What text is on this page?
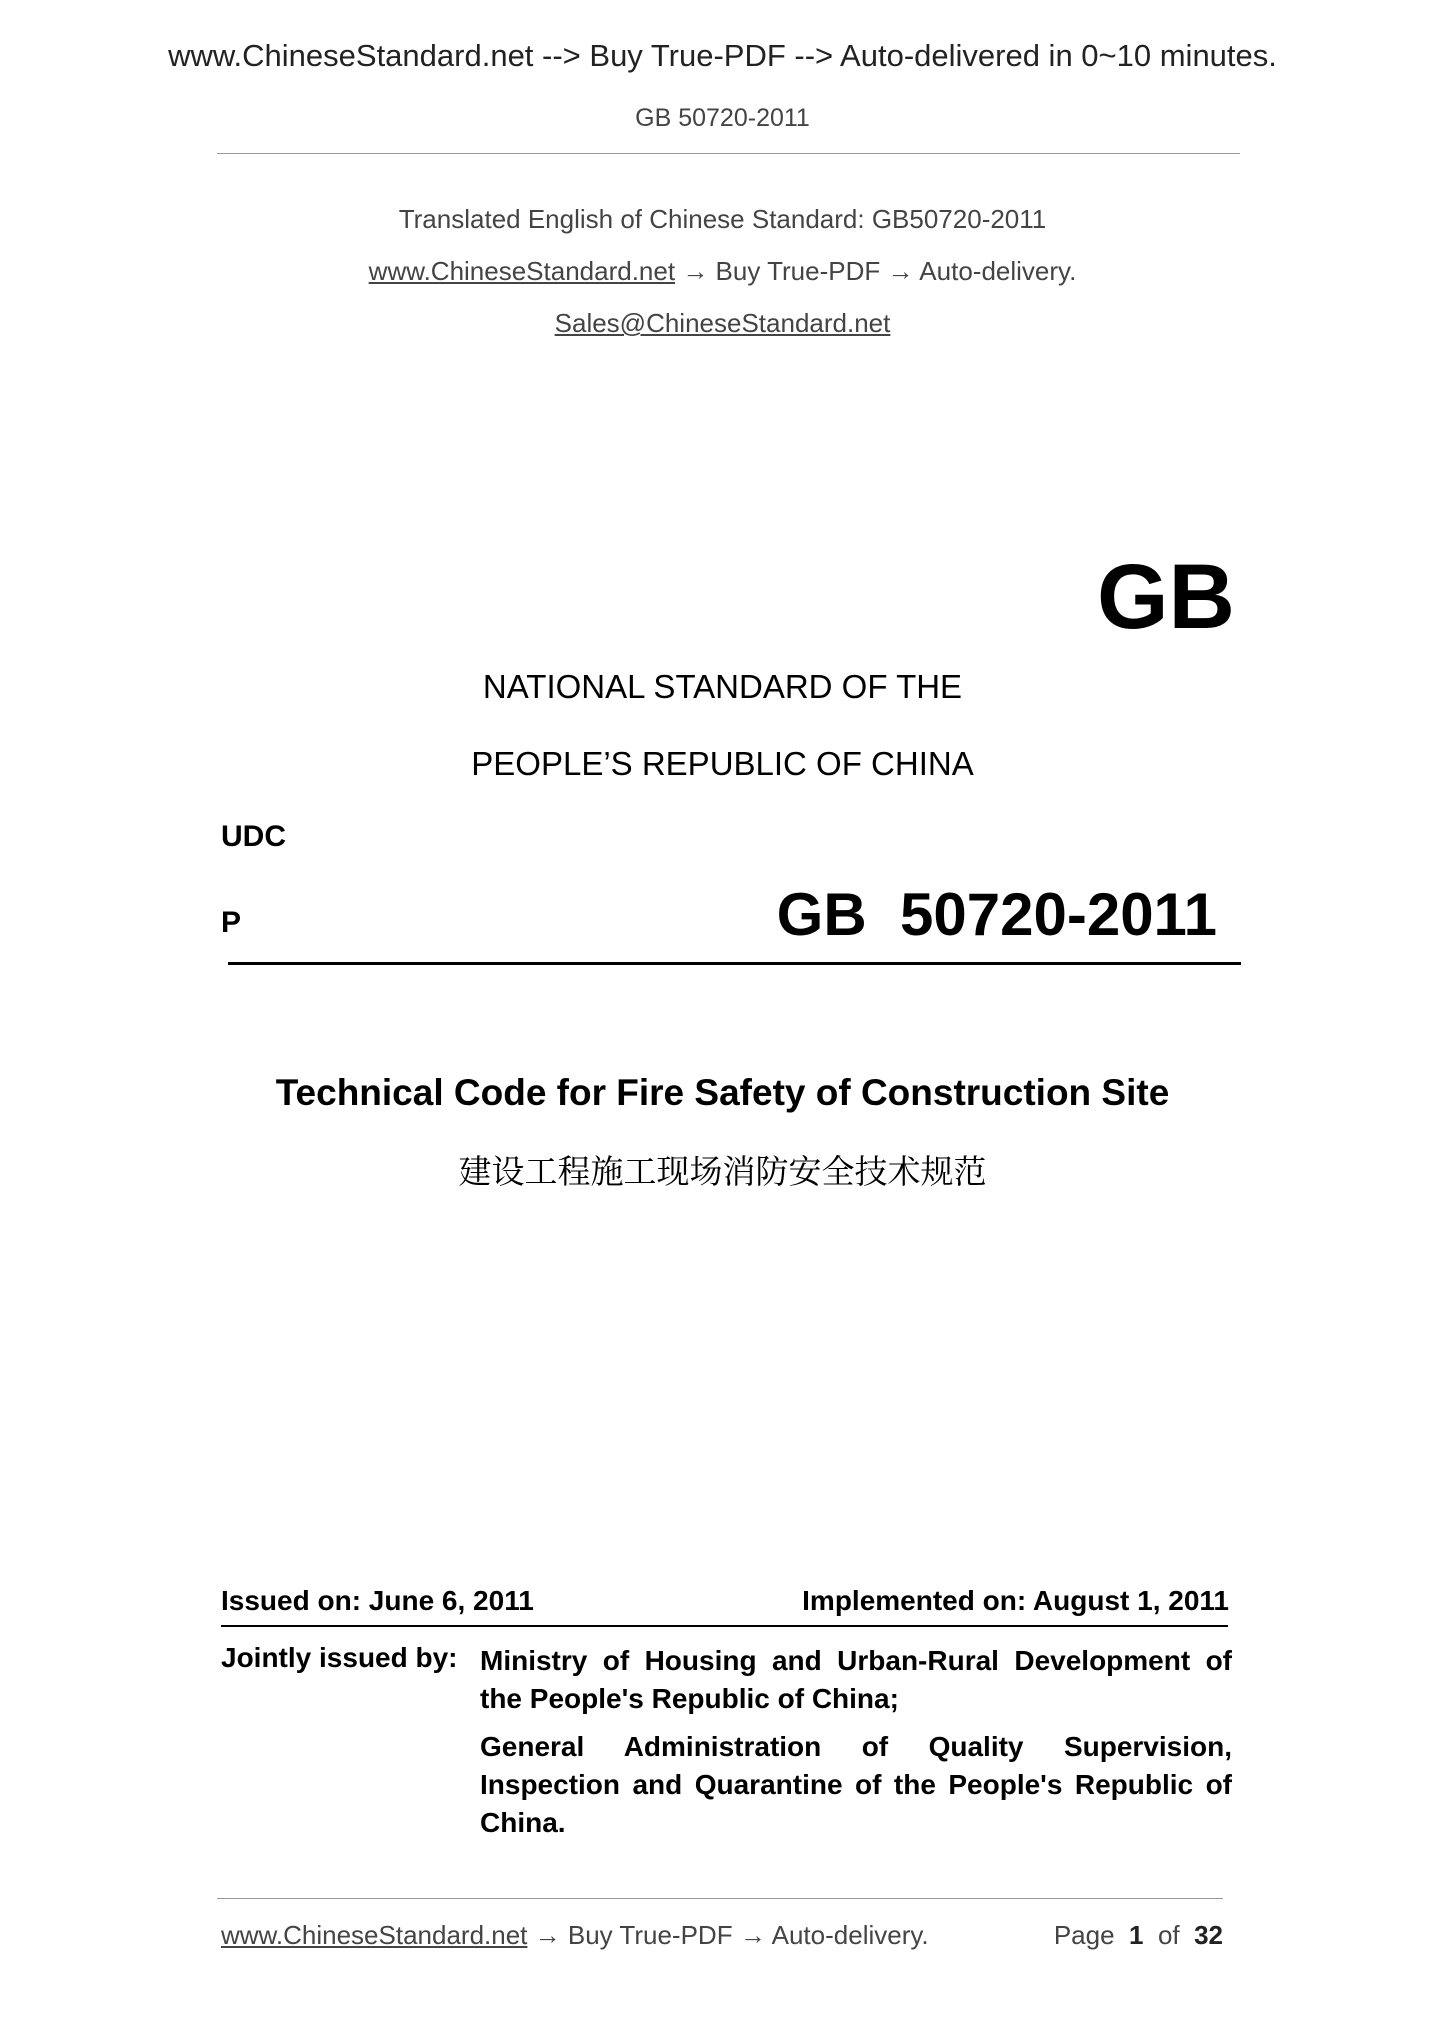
www.ChineseStandard.net --> Buy True-PDF --> Auto-delivered in 0~10 minutes.
GB 50720-2011
Translated English of Chinese Standard: GB50720-2011
www.ChineseStandard.net → Buy True-PDF → Auto-delivery.
Sales@ChineseStandard.net
GB
NATIONAL STANDARD OF THE
PEOPLE’S REPUBLIC OF CHINA
UDC
P	GB  50720-2011
Technical Code for Fire Safety of Construction Site
建设工程施工现场消防安全技术规范
Issued on: June 6, 2011	Implemented on: August 1, 2011
Jointly issued by: Ministry of Housing and Urban-Rural Development of the People's Republic of China;
General Administration of Quality Supervision, Inspection and Quarantine of the People's Republic of China.
www.ChineseStandard.net → Buy True-PDF → Auto-delivery.	Page 1 of 32
